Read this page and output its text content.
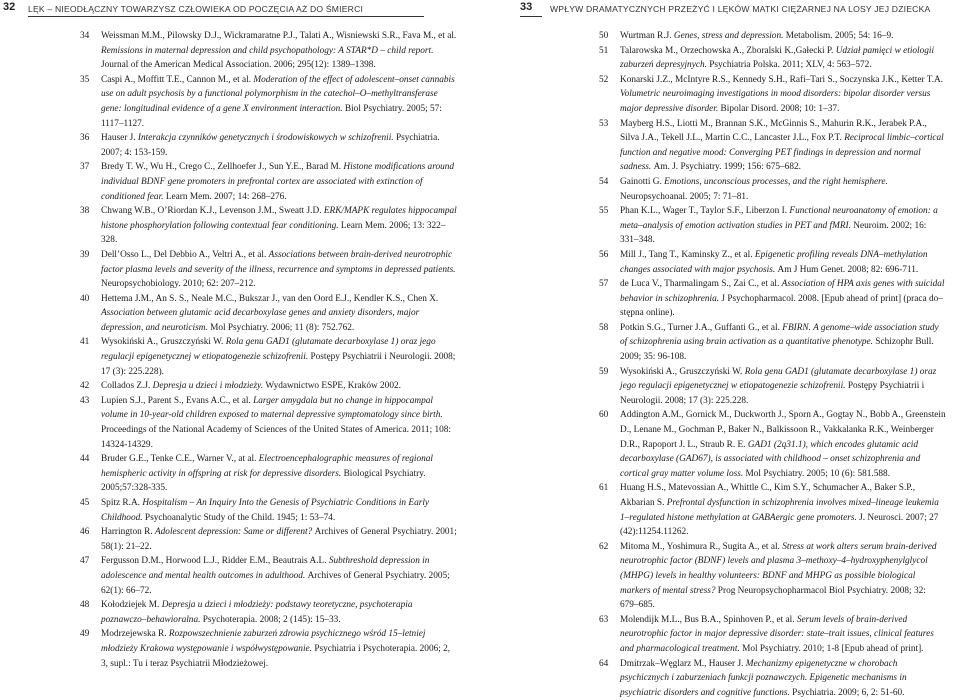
32 LĘK – NIEODŁĄCZNY TOWARZYSZ CZŁOWIEKA OD POCZĘCIA AŻ DO ŚMIERCI
34 Weissman M.M., Pilowsky D.J., Wickramaratne P.J., Talati A., Wisniewski S.R., Fava M., et al. Remissions in maternal depression and child psychopathology: A STAR*D – child report. Journal of the American Medical Association. 2006; 295(12): 1389–1398.
35 Caspi A., Moffitt T.E., Cannon M., et al. Moderation of the effect of adolescent–onset cannabis use on adult psychosis by a functional polymorphism in the catechol–O–methyltransferase gene: longitudinal evidence of a gene X environment interaction. Biol Psychiatry. 2005; 57: 1117–1127.
36 Hauser J. Interakcja czynników genetycznych i środowiskowych w schizofrenii. Psychiatria. 2007; 4: 153-159.
37 Bredy T. W., Wu H., Crego C., Zellhoefer J., Sun Y.E., Barad M. Histone modifications around individual BDNF gene promoters in prefrontal cortex are associated with extinction of conditioned fear. Learn Mem. 2007; 14: 268–276.
38 Chwang W.B., O’Riordan K.J., Levenson J.M., Sweatt J.D. ERK/MAPK regulates hippocampal histone phosphorylation following contextual fear conditioning. Learn Mem. 2006; 13: 322–328.
39 Dell’Osso L., Del Debbio A., Veltri A., et al. Associations between brain-derived neurotrophic factor plasma levels and severity of the illness, recurrence and symptoms in depressed patients. Neuropsychobiology. 2010; 62: 207–212.
40 Hettema J.M., An S. S., Neale M.C., Bukszar J., van den Oord E.J., Kendler K.S., Chen X. Association between glutamic acid decarboxylase genes and anxiety disorders, major depression, and neuroticism. Mol Psychiatry. 2006; 11 (8): 752.762.
41 Wysokiński A., Gruszczyński W. Rola genu GAD1 (glutamate decarboxylase 1) oraz jego regulacji epigenetycznej w etiopatogenezie schizofrenii. Postępy Psychiatrii i Neurologii. 2008; 17 (3): 225.228).
42 Collados Z.J. Depresja u dzieci i młodzieży. Wydawnictwo ESPE, Kraków 2002.
43 Lupien S.J., Parent S., Evans A.C., et al. Larger amygdala but no change in hippocampal volume in 10-year-old children exposed to maternal depressive symptomatology since birth. Proceedings of the National Academy of Sciences of the United States of America. 2011; 108: 14324-14329.
44 Bruder G.E., Tenke C.E., Warner V., at al. Electroencephalographic measures of regional hemispheric activity in offspring at risk for depressive disorders. Biological Psychiatry. 2005;57:328-335.
45 Spitz R.A. Hospitalism – An Inquiry Into the Genesis of Psychiatric Conditions in Early Childhood. Psychoanalytic Study of the Child. 1945; 1: 53–74.
46 Harrington R. Adolescent depression: Same or different? Archives of General Psychiatry. 2001; 58(1): 21–22.
47 Fergusson D.M., Horwood L.J., Ridder E.M., Beautrais A.L. Subthreshold depression in adolescence and mental health outcomes in adulthood. Archives of General Psychiatry. 2005; 62(1): 66–72.
48 Kołodziejek M. Depresja u dzieci i młodzieży: podstawy teoretyczne, psychoterapia poznawczo–behawioralna. Psychoterapia. 2008; 2 (145): 15–33.
49 Modrzejewska R. Rozpowszechnienie zaburzeń zdrowia psychicznego wśród 15–letniej młodzieży Krakowa występowanie i współwystępowanie. Psychiatria i Psychoterapia. 2006; 2, 3, supl.: Tu i teraz Psychiatrii Młodzieżowej.
33 WPŁYW DRAMATYCZNYCH PRZEŻYĆ I LĘKÓW MATKI CIĘŻARNEJ NA LOSY JEJ DZIECKA
50 Wurtman R.J. Genes, stress and depression. Metabolism. 2005; 54: 16–9.
51 Talarowska M., Orzechowska A., Zboralski K.,Gałecki P. Udział pamięci w etiologii zaburzeń depresyjnych. Psychiatria Polska. 2011; XLV, 4: 563–572.
52 Konarski J.Z., McIntyre R.S., Kennedy S.H., Rafi–Tari S., Soczynska J.K., Ketter T.A. Volumetric neuroimaging investigations in mood disorders: bipolar disorder versus major depressive disorder. Bipolar Disord. 2008; 10: 1–37.
53 Mayberg H.S., Liotti M., Brannan S.K., McGinnis S., Mahurin R.K., Jerabek P.A., Silva J.A., Tekell J.L., Martin C.C., Lancaster J.L., Fox P.T. Reciprocal limbic–cortical function and negative mood: Converging PET findings in depression and normal sadness. Am. J. Psychiatry. 1999; 156: 675–682.
54 Gainotti G. Emotions, unconscious processes, and the right hemisphere. Neuropsychoanal. 2005; 7: 71–81.
55 Phan K.L., Wager T., Taylor S.F., Liberzon I. Functional neuroanatomy of emotion: a meta–analysis of emotion activation studies in PET and fMRI. Neuroim. 2002; 16: 331–348.
56 Mill J., Tang T., Kaminsky Z., et al. Epigenetic profiling reveals DNA–methylation changes associated with major psychosis. Am J Hum Genet. 2008; 82: 696-711.
57 de Luca V., Tharmalingam S., Zai C., et al. Association of HPA axis genes with suicidal behavior in schizophrenia. J Psychopharmacol. 2008. [Epub ahead of print] (praca do–stępna online).
58 Potkin S.G., Turner J.A., Guffanti G., et al. FBIRN. A genome–wide association study of schizophrenia using brain activation as a quantitative phenotype. Schizophr Bull. 2009; 35: 96-108.
59 Wysokiński A., Gruszczyński W. Rola genu GAD1 (glutamate decarboxylase 1) oraz jego regulacji epigenetycznej w etiopatogenezie schizofrenii. Postępy Psychiatrii i Neurologii. 2008; 17 (3): 225.228.
60 Addington A.M., Gornick M., Duckworth J., Sporn A., Gogtay N., Bobb A., Greenstein D., Lenane M., Gochman P., Baker N., Balkissoon R., Vakkalanka R.K., Weinberger D.R., Rapoport J. L., Straub R. E. GAD1 (2q31.1), which encodes glutamic acid decarboxylase (GAD67), is associated with childhood – onset schizophrenia and cortical gray matter volume loss. Mol Psychiatry. 2005; 10 (6): 581.588.
61 Huang H.S., Matevossian A., Whittle C., Kim S.Y., Schumacher A., Baker S.P., Akbarian S. Prefrontal dysfunction in schizophrenia involves mixed–lineage leukemia 1–regulated histone methylation at GABAergic gene promoters. J. Neurosci. 2007; 27 (42):11254.11262.
62 Mitoma M., Yoshimura R., Sugita A., et al. Stress at work alters serum brain-derived neurotrophic factor (BDNF) levels and plasma 3–methoxy–4–hydroxyphenylglycol (MHPG) levels in healthy volunteers: BDNF and MHPG as possible biological markers of mental stress? Prog Neuropsychopharmacol Biol Psychiatry. 2008; 32: 679–685.
63 Molendijk M.L., Bus B.A., Spinhoven P., et al. Serum levels of brain-derived neurotrophic factor in major depressive disorder: state–trait issues, clinical features and pharmacological treatment. Mol Psychiatry. 2010; 1-8 [Epub ahead of print].
64 Dmitrzak–Węglarz M., Hauser J. Mechanizmy epigenetyczne w chorobach psychicznych i zaburzeniach funkcji poznawczych. Epigenetic mechanisms in psychiatric disorders and cognitive functions. Psychiatria. 2009; 6, 2: 51-60.
